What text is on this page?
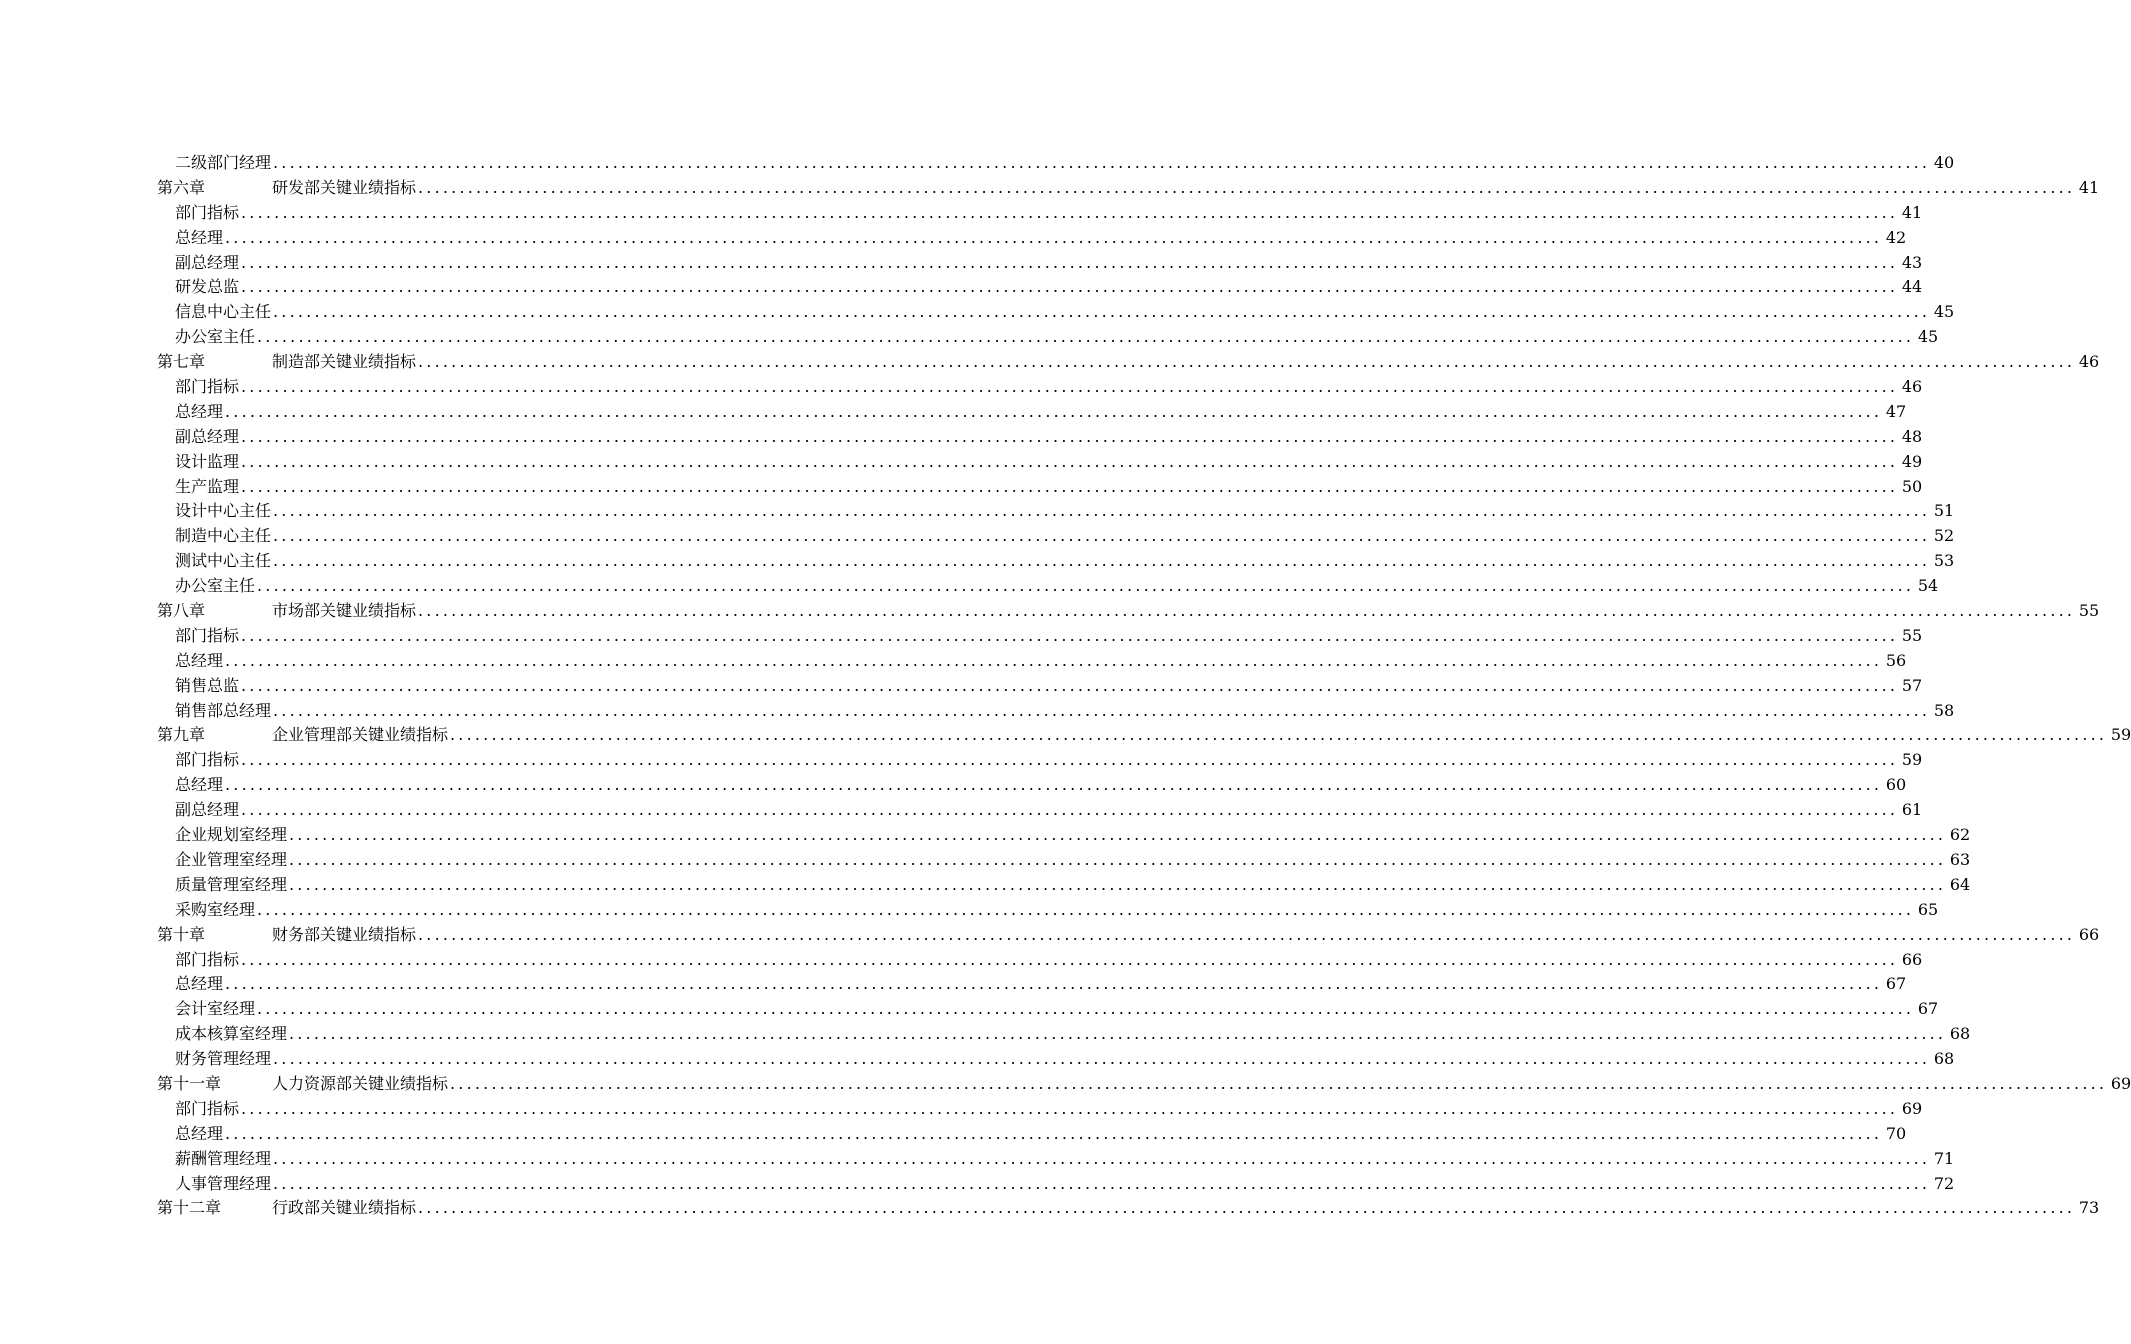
二级部门经理 ........................................................................................................................................................................................................ 40
第六章	研发部关键业绩指标 ........................................................................................................................................................................................................ 41
部门指标 ........................................................................................................................................................................................................ 41
总经理 ........................................................................................................................................................................................................ 42
副总经理 ........................................................................................................................................................................................................ 43
研发总监 ........................................................................................................................................................................................................ 44
信息中心主任 ........................................................................................................................................................................................................ 45
办公室主任 ........................................................................................................................................................................................................ 45
第七章	制造部关键业绩指标 ........................................................................................................................................................................................................ 46
部门指标 ........................................................................................................................................................................................................ 46
总经理 ........................................................................................................................................................................................................ 47
副总经理 ........................................................................................................................................................................................................ 48
设计监理 ........................................................................................................................................................................................................ 49
生产监理 ........................................................................................................................................................................................................ 50
设计中心主任 ........................................................................................................................................................................................................ 51
制造中心主任 ........................................................................................................................................................................................................ 52
测试中心主任 ........................................................................................................................................................................................................ 53
办公室主任 ........................................................................................................................................................................................................ 54
第八章	市场部关键业绩指标 ........................................................................................................................................................................................................ 55
部门指标 ........................................................................................................................................................................................................ 55
总经理 ........................................................................................................................................................................................................ 56
销售总监 ........................................................................................................................................................................................................ 57
销售部总经理 ........................................................................................................................................................................................................ 58
第九章	企业管理部关键业绩指标 ........................................................................................................................................................................................................ 59
部门指标 ........................................................................................................................................................................................................ 59
总经理 ........................................................................................................................................................................................................ 60
副总经理 ........................................................................................................................................................................................................ 61
企业规划室经理 ........................................................................................................................................................................................................ 62
企业管理室经理 ........................................................................................................................................................................................................ 63
质量管理室经理 ........................................................................................................................................................................................................ 64
采购室经理 ........................................................................................................................................................................................................ 65
第十章	财务部关键业绩指标 ........................................................................................................................................................................................................ 66
部门指标 ........................................................................................................................................................................................................ 66
总经理 ........................................................................................................................................................................................................ 67
会计室经理 ........................................................................................................................................................................................................ 67
成本核算室经理 ........................................................................................................................................................................................................ 68
财务管理经理 ........................................................................................................................................................................................................ 68
第十一章	人力资源部关键业绩指标 ........................................................................................................................................................................................................ 69
部门指标 ........................................................................................................................................................................................................ 69
总经理 ........................................................................................................................................................................................................ 70
薪酬管理经理 ........................................................................................................................................................................................................ 71
人事管理经理 ........................................................................................................................................................................................................ 72
第十二章	行政部关键业绩指标 ........................................................................................................................................................................................................ 73
